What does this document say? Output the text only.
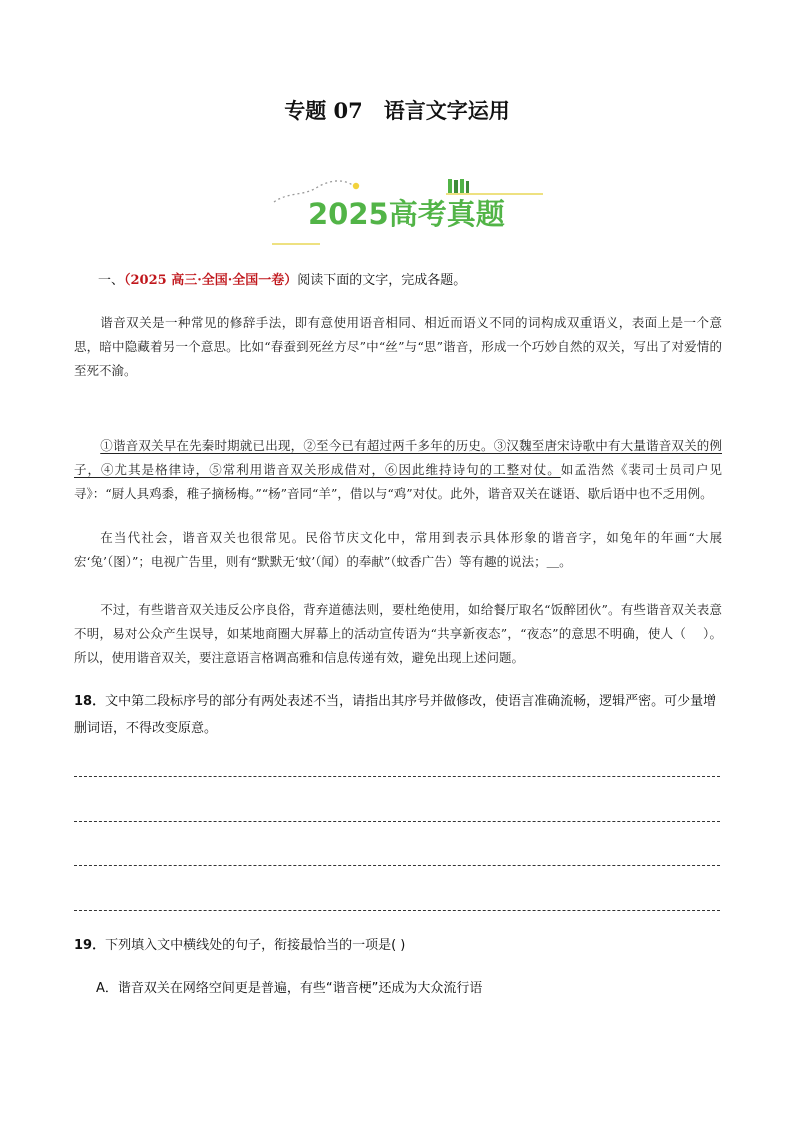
专题 07　语言文字运用
2025高考真题
一、（2025 高三·全国·全国一卷）阅读下面的文字，完成各题。

谐音双关是一种常见的修辞手法，即有意使用语音相同、相近而语义不同的词构成双重语义，表面上是一个意思，暗中隐藏着另一个意思。比如“春蚕到死丝方尽”中“丝”与“思”谐音，形成一个巧妙自然的双关，写出了对爱情的至死不渝。

①谐音双关早在先秦时期就已出现，②至今已有超过两千多年的历史。③汉魏至唐宋诗歌中有大量谐音双关的例子，④尤其是格律诗，⑤常利用谐音双关形成借对，⑥因此维持诗句的工整对仗。如孟浩然《裴司士员司户见寻》：“厨人具鸡黍，稚子摘杨梅。”“杨”音同“羊”，借以与“鸡”对仗。此外，谐音双关在谜语、歇后语中也不乏用例。

在当代社会，谐音双关也很常见。民俗节庆文化中，常用到表示具体形象的谐音字，如兔年的年画“大展宏‘兔’（图）”；电视广告里，则有“默默无‘蚊’（闻）的奉献”（蚊香广告）等有趣的说法；＿。

不过，有些谐音双关违反公序良俗，背弃道德法则，要杜绝使用，如给餐厅取名“饭醉团伙”。有些谐音双关表意不明，易对公众产生误导，如某地商圈大屏幕上的活动宣传语为“共享新夜态”，“夜态”的意思不明确，使人（　 ）。所以，使用谐音双关，要注意语言格调高雅和信息传递有效，避免出现上述问题。

18．文中第二段标序号的部分有两处表述不当，请指出其序号并做修改，使语言准确流畅，逻辑严密。可少量增删词语，不得改变原意。

19．下列填入文中横线处的句子，衔接最恰当的一项是( )

A．谐音双关在网络空间更是普遍，有些“谐音梗”还成为大众流行语
